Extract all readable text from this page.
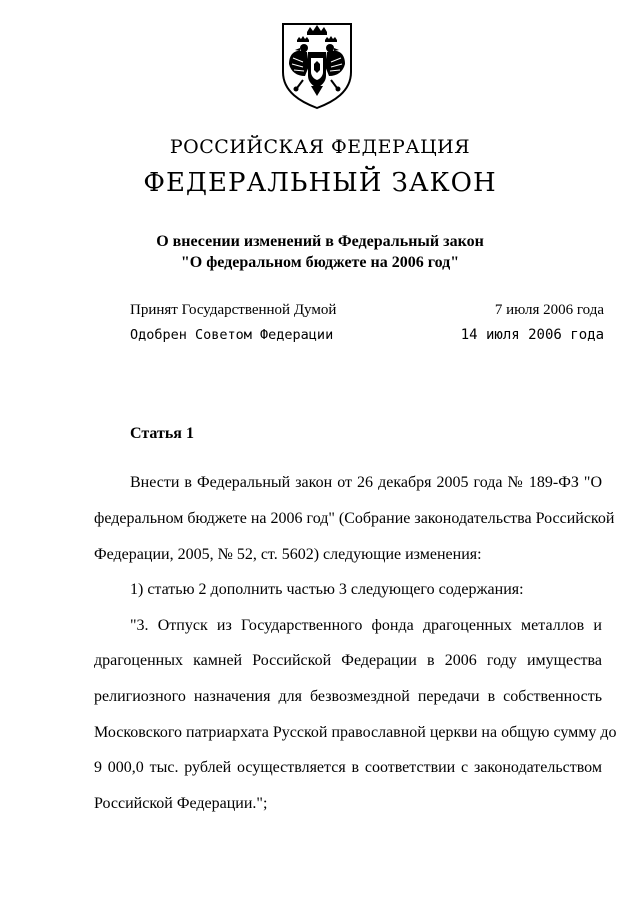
РОССИЙСКАЯ ФЕДЕРАЦИЯ
ФЕДЕРАЛЬНЫЙ ЗАКОН
О внесении изменений в Федеральный закон
"О федеральном бюджете на 2006 год"
Принят Государственной Думой	7 июля 2006 года
Одобрен Советом Федерации	14 июля 2006 года
Статья 1
Внести в Федеральный закон от 26 декабря 2005 года № 189-ФЗ "О
федеральном бюджете на 2006 год" (Собрание законодательства Российской
Федерации, 2005, № 52, ст. 5602) следующие изменения:
1) статью 2 дополнить частью 3 следующего содержания:
"3. Отпуск из Государственного фонда драгоценных металлов и
драгоценных камней Российской Федерации в 2006 году имущества
религиозного назначения для безвозмездной передачи в собственность
Московского патриархата Русской православной церкви на общую сумму до
9 000,0 тыс. рублей осуществляется в соответствии с законодательством
Российской Федерации.";
